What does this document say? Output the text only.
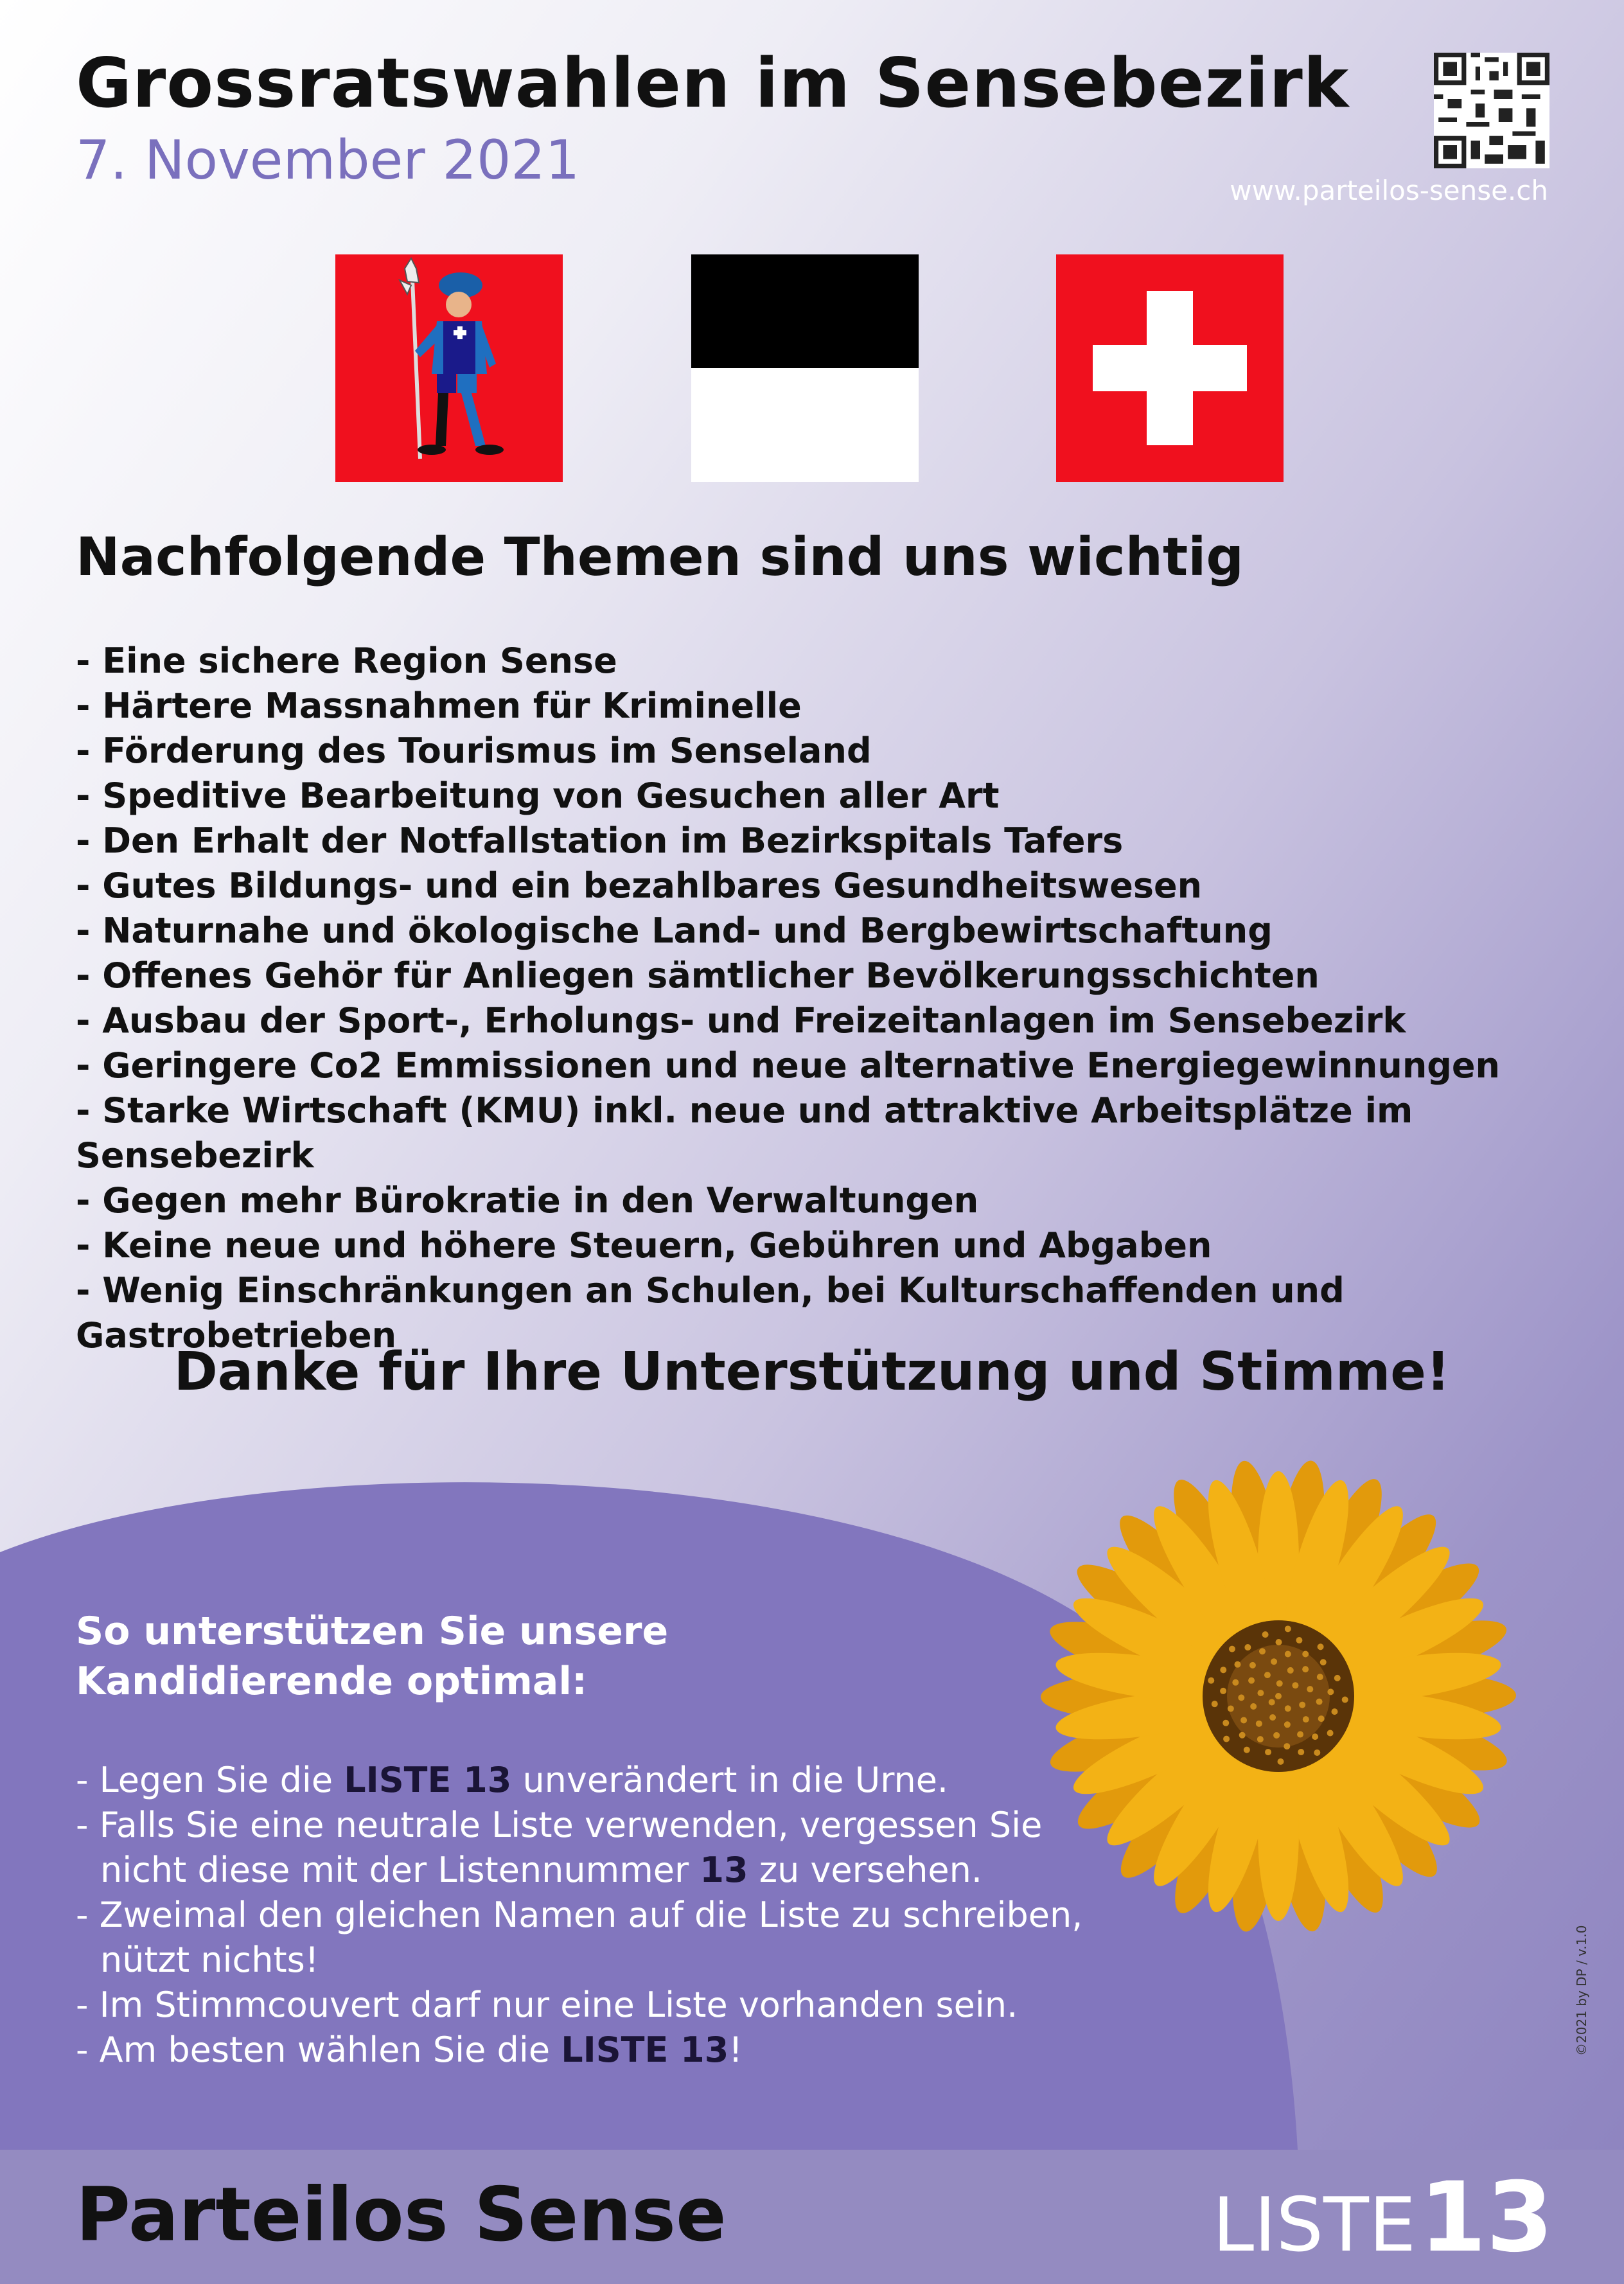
Grossratswahlen im Sensebezirk
7. November 2021	www.parteilos-sense.ch
Nachfolgende Themen sind uns wichtig
- Eine sichere Region Sense
- Härtere Massnahmen für Kriminelle
- Förderung des Tourismus im Senseland
- Speditive Bearbeitung von Gesuchen aller Art
- Den Erhalt der Notfallstation im Bezirkspitals Tafers
- Gutes Bildungs- und ein bezahlbares Gesundheitswesen
- Naturnahe und ökologische Land- und Bergbewirtschaftung
- Offenes Gehör für Anliegen sämtlicher Bevölkerungsschichten
- Ausbau der Sport-, Erholungs- und Freizeitanlagen im Sensebezirk
- Geringere Co2 Emmissionen und neue alternative Energiegewinnungen
- Starke Wirtschaft (KMU) inkl. neue und attraktive Arbeitsplätze im Sensebezirk
- Gegen mehr Bürokratie in den Verwaltungen
- Keine neue und höhere Steuern, Gebühren und Abgaben
- Wenig Einschränkungen an Schulen, bei Kulturschaffenden und Gastrobetrieben
Danke für Ihre Unterstützung und Stimme!
So unterstützen Sie unsere
Kandidierende optimal:
- Legen Sie die LISTE 13 unverändert in die Urne.
- Falls Sie eine neutrale Liste verwenden, vergessen Sie nicht diese mit der Listennummer 13 zu versehen.
- Zweimal den gleichen Namen auf die Liste zu schreiben, nützt nichts!
- Im Stimmcouvert darf nur eine Liste vorhanden sein.
- Am besten wählen Sie die LISTE 13!	©2021 by DP / v.1.0
Parteilos Sense	LISTE 13
